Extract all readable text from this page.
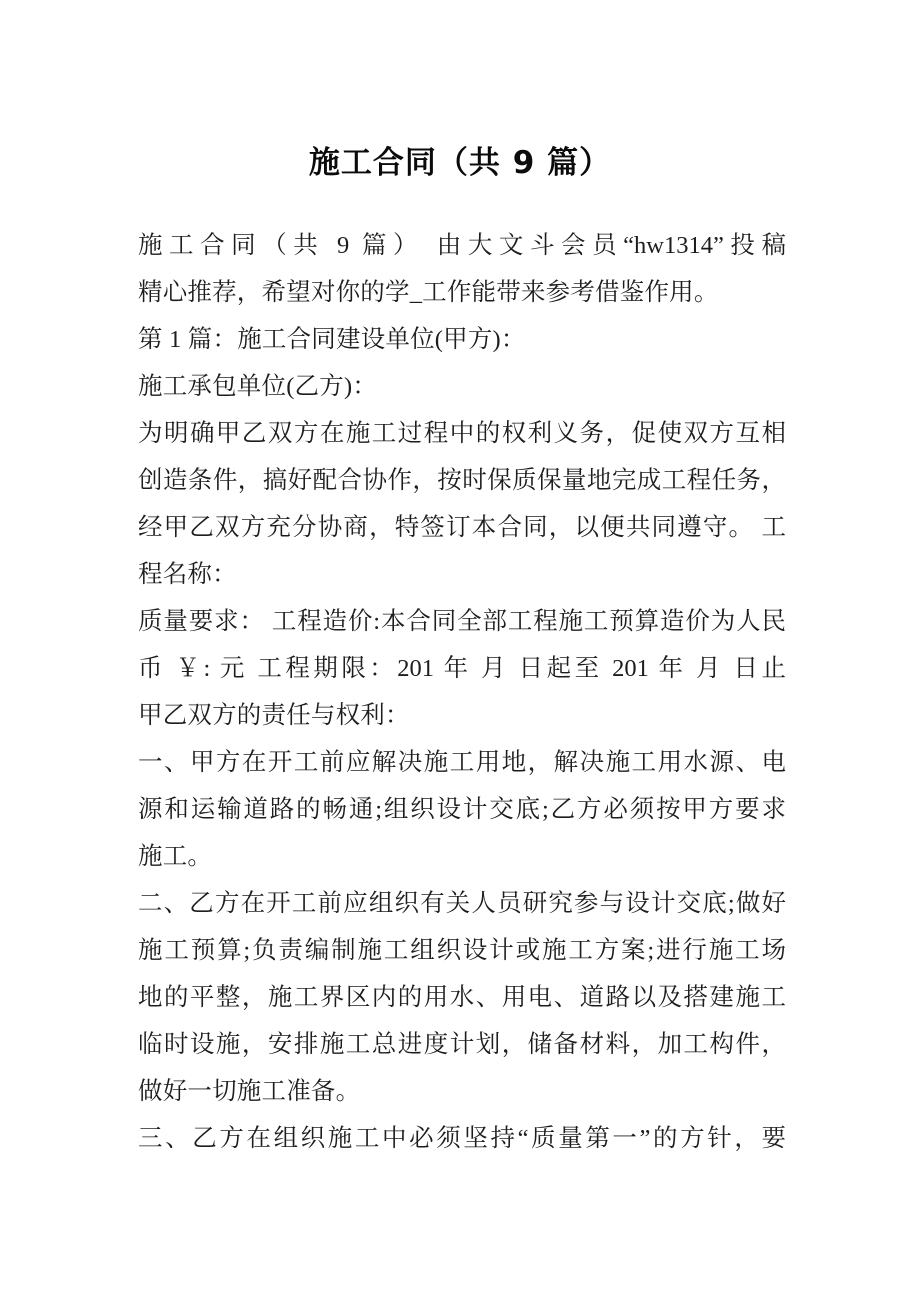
施工合同（共 9 篇）
施工合同（共 9 篇） 由大文斗会员“hw1314”投稿
精心推荐，希望对你的学_工作能带来参考借鉴作用。
第 1 篇：施工合同建设单位(甲方)：
施工承包单位(乙方)：
为明确甲乙双方在施工过程中的权利义务，促使双方互相
创造条件，搞好配合协作，按时保质保量地完成工程任务，
经甲乙双方充分协商，特签订本合同，以便共同遵守。 工
程名称：
质量要求： 工程造价:本合同全部工程施工预算造价为人民
币 ￥: 元 工程期限：201 年 月 日起至 201 年 月 日止
甲乙双方的责任与权利：
一、甲方在开工前应解决施工用地，解决施工用水源、电
源和运输道路的畅通;组织设计交底;乙方必须按甲方要求
施工。
二、乙方在开工前应组织有关人员研究参与设计交底;做好
施工预算;负责编制施工组织设计或施工方案;进行施工场
地的平整，施工界区内的用水、用电、道路以及搭建施工
临时设施，安排施工总进度计划，储备材料，加工构件，
做好一切施工准备。
三、乙方在组织施工中必须坚持“质量第一”的方针，要
